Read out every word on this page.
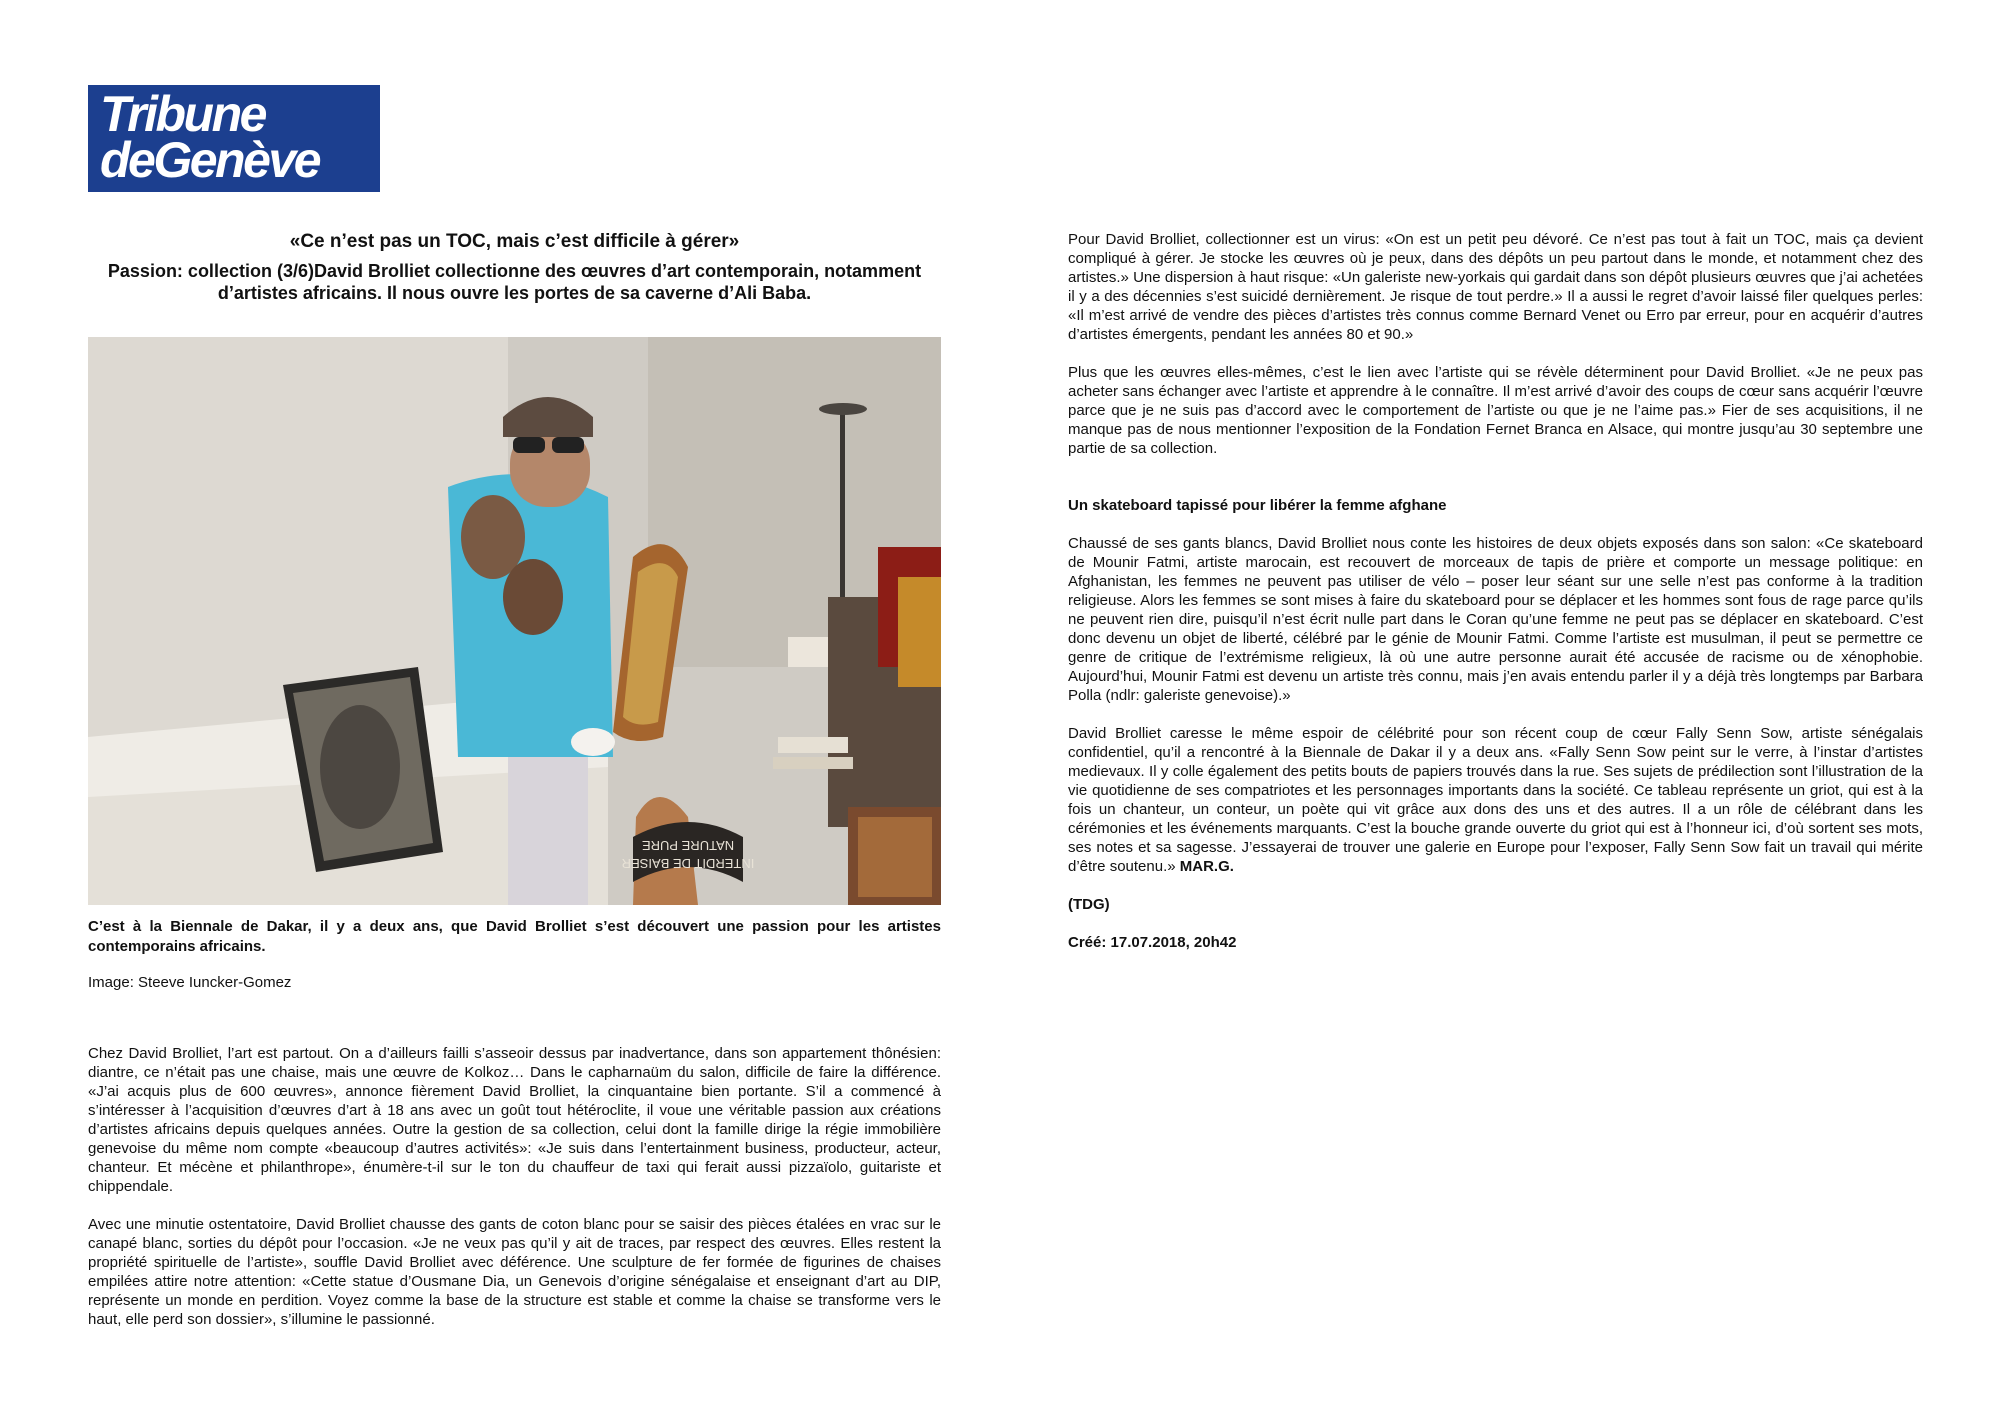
Tribune
deGenève
«Ce n’est pas un TOC, mais c’est difficile à gérer»
Passion: collection (3/6)David Brolliet collectionne des œuvres d’art contemporain, notamment d’artistes africains. Il nous ouvre les portes de sa caverne d’Ali Baba.
NATURE PURE
INTERDIT DE BAISER
C’est à la Biennale de Dakar, il y a deux ans, que David Brolliet s’est découvert une passion pour les artistes contemporains africains.
Image: Steeve Iuncker-Gomez

Chez David Brolliet, l’art est partout. On a d’ailleurs failli s’asseoir dessus par inadvertance, dans son appartement thônésien: diantre, ce n’était pas une chaise, mais une œuvre de Kolkoz… Dans le capharnaüm du salon, difficile de faire la différence. «J’ai acquis plus de 600 œuvres», annonce fièrement David Brolliet, la cinquantaine bien portante. S’il a commencé à s’intéresser à l’acquisition d’œuvres d’art à 18 ans avec un goût tout hétéroclite, il voue une véritable passion aux créations d’artistes africains depuis quelques années. Outre la gestion de sa collection, celui dont la famille dirige la régie immobilière genevoise du même nom compte «beaucoup d’autres activités»: «Je suis dans l’entertainment business, producteur, acteur, chanteur. Et mécène et philanthrope», énumère-t-il sur le ton du chauffeur de taxi qui ferait aussi pizzaïolo, guitariste et chippendale.

Avec une minutie ostentatoire, David Brolliet chausse des gants de coton blanc pour se saisir des pièces étalées en vrac sur le canapé blanc, sorties du dépôt pour l’occasion. «Je ne veux pas qu’il y ait de traces, par respect des œuvres. Elles restent la propriété spirituelle de l’artiste», souffle David Brolliet avec déférence. Une sculpture de fer formée de figurines de chaises empilées attire notre attention: «Cette statue d’Ousmane Dia, un Genevois d’origine sénégalaise et enseignant d’art au DIP, représente un monde en perdition. Voyez comme la base de la structure est stable et comme la chaise se transforme vers le haut, elle perd son dossier», s’illumine le passionné.

Pour David Brolliet, collectionner est un virus: «On est un petit peu dévoré. Ce n’est pas tout à fait un TOC, mais ça devient compliqué à gérer. Je stocke les œuvres où je peux, dans des dépôts un peu partout dans le monde, et notamment chez des artistes.» Une dispersion à haut risque: «Un galeriste new-yorkais qui gardait dans son dépôt plusieurs œuvres que j’ai achetées il y a des décennies s’est suicidé dernièrement. Je risque de tout perdre.» Il a aussi le regret d’avoir laissé filer quelques perles: «Il m’est arrivé de vendre des pièces d’artistes très connus comme Bernard Venet ou Erro par erreur, pour en acquérir d’autres d’artistes émergents, pendant les années 80 et 90.»

Plus que les œuvres elles-mêmes, c’est le lien avec l’artiste qui se révèle déterminent pour David Brolliet. «Je ne peux pas acheter sans échanger avec l’artiste et apprendre à le connaître. Il m’est arrivé d’avoir des coups de cœur sans acquérir l’œuvre parce que je ne suis pas d’accord avec le comportement de l’artiste ou que je ne l’aime pas.» Fier de ses acquisitions, il ne manque pas de nous mentionner l’exposition de la Fondation Fernet Branca en Alsace, qui montre jusqu’au 30 septembre une partie de sa collection.

Un skateboard tapissé pour libérer la femme afghane

Chaussé de ses gants blancs, David Brolliet nous conte les histoires de deux objets exposés dans son salon: «Ce skateboard de Mounir Fatmi, artiste marocain, est recouvert de morceaux de tapis de prière et comporte un message politique: en Afghanistan, les femmes ne peuvent pas utiliser de vélo – poser leur séant sur une selle n’est pas conforme à la tradition religieuse. Alors les femmes se sont mises à faire du skateboard pour se déplacer et les hommes sont fous de rage parce qu’ils ne peuvent rien dire, puisqu’il n’est écrit nulle part dans le Coran qu’une femme ne peut pas se déplacer en skateboard. C’est donc devenu un objet de liberté, célébré par le génie de Mounir Fatmi. Comme l’artiste est musulman, il peut se permettre ce genre de critique de l’extrémisme religieux, là où une autre personne aurait été accusée de racisme ou de xénophobie. Aujourd’hui, Mounir Fatmi est devenu un artiste très connu, mais j’en avais entendu parler il y a déjà très longtemps par Barbara Polla (ndlr: galeriste genevoise).»

David Brolliet caresse le même espoir de célébrité pour son récent coup de cœur Fally Senn Sow, artiste sénégalais confidentiel, qu’il a rencontré à la Biennale de Dakar il y a deux ans. «Fally Senn Sow peint sur le verre, à l’instar d’artistes medievaux. Il y colle également des petits bouts de papiers trouvés dans la rue. Ses sujets de prédilection sont l’illustration de la vie quotidienne de ses compatriotes et les personnages importants dans la société. Ce tableau représente un griot, qui est à la fois un chanteur, un conteur, un poète qui vit grâce aux dons des uns et des autres. Il a un rôle de célébrant dans les cérémonies et les événements marquants. C’est la bouche grande ouverte du griot qui est à l’honneur ici, d’où sortent ses mots, ses notes et sa sagesse. J’essayerai de trouver une galerie en Europe pour l’exposer, Fally Senn Sow fait un travail qui mérite d’être soutenu.» MAR.G.

(TDG)

Créé: 17.07.2018, 20h42
